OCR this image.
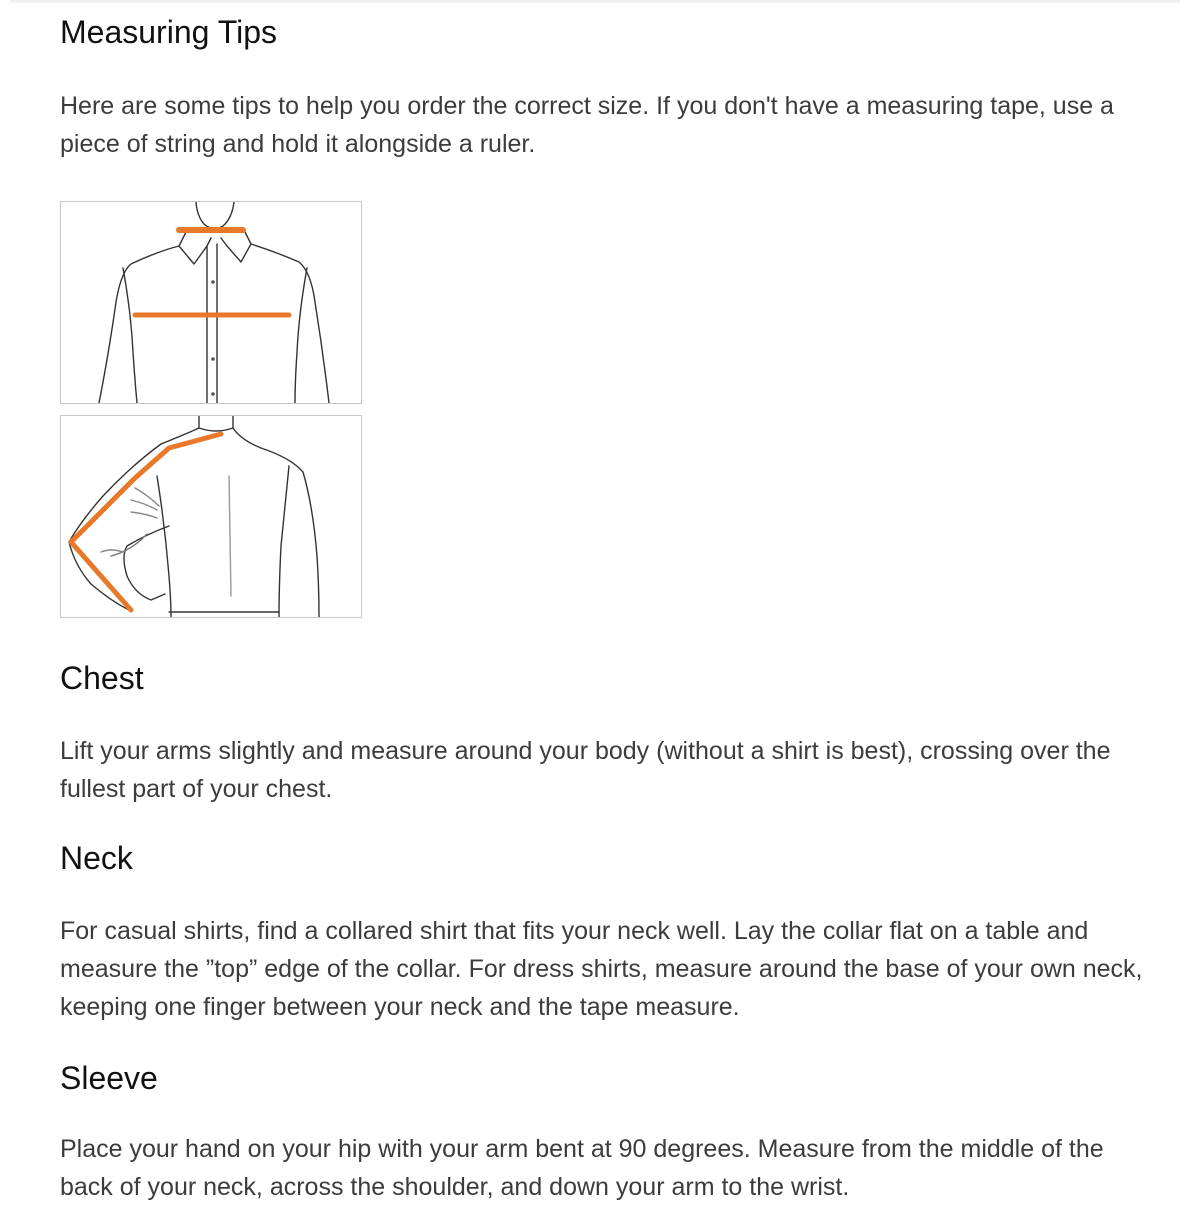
Measuring Tips

Here are some tips to help you order the correct size. If you don't have a measuring tape, use a piece of string and hold it alongside a ruler.

Chest

Lift your arms slightly and measure around your body (without a shirt is best), crossing over the fullest part of your chest.

Neck

For casual shirts, find a collared shirt that fits your neck well. Lay the collar flat on a table and measure the ”top” edge of the collar. For dress shirts, measure around the base of your own neck, keeping one finger between your neck and the tape measure.

Sleeve

Place your hand on your hip with your arm bent at 90 degrees. Measure from the middle of the back of your neck, across the shoulder, and down your arm to the wrist.
